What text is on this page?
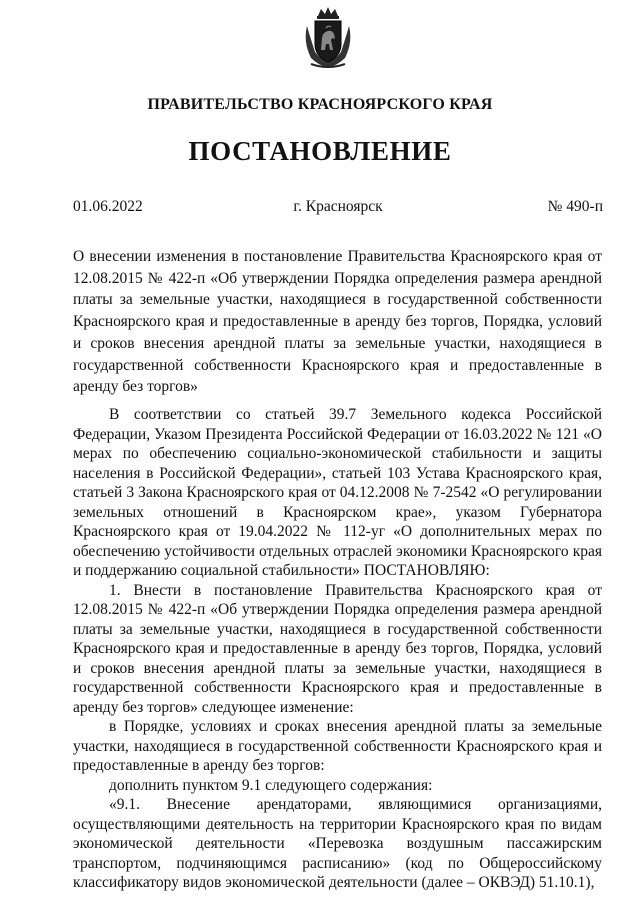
ПРАВИТЕЛЬСТВО КРАСНОЯРСКОГО КРАЯ
ПОСТАНОВЛЕНИЕ
г. Красноярск
01.06.2022	№ 490-п
О внесении изменения в постановление Правительства Красноярского края от 12.08.2015 № 422-п «Об утверждении Порядка определения размера арендной платы за земельные участки, находящиеся в государственной собственности Красноярского края и предоставленные в аренду без торгов, Порядка, условий и сроков внесения арендной платы за земельные участки, находящиеся в государственной собственности Красноярского края и предоставленные в аренду без торгов»

В соответствии со статьей 39.7 Земельного кодекса Российской Федерации, Указом Президента Российской Федерации от 16.03.2022 № 121 «О мерах по обеспечению социально-экономической стабильности и защиты населения в Российской Федерации», статьей 103 Устава Красноярского края, статьей 3 Закона Красноярского края от 04.12.2008 № 7-2542 «О регулировании земельных отношений в Красноярском крае», указом Губернатора Красноярского края от 19.04.2022 № 112-уг «О дополнительных мерах по обеспечению устойчивости отдельных отраслей экономики Красноярского края и поддержанию социальной стабильности» ПОСТАНОВЛЯЮ:

1. Внести в постановление Правительства Красноярского края от 12.08.2015 № 422-п «Об утверждении Порядка определения размера арендной платы за земельные участки, находящиеся в государственной собственности Красноярского края и предоставленные в аренду без торгов, Порядка, условий и сроков внесения арендной платы за земельные участки, находящиеся в государственной собственности Красноярского края и предоставленные в аренду без торгов» следующее изменение:

в Порядке, условиях и сроках внесения арендной платы за земельные участки, находящиеся в государственной собственности Красноярского края и предоставленные в аренду без торгов:

дополнить пунктом 9.1 следующего содержания:

«9.1. Внесение арендаторами, являющимися организациями, осуществляющими деятельность на территории Красноярского края по видам экономической деятельности «Перевозка воздушным пассажирским транспортом, подчиняющимся расписанию» (код по Общероссийскому классификатору видов экономической деятельности (далее – ОКВЭД) 51.10.1),
